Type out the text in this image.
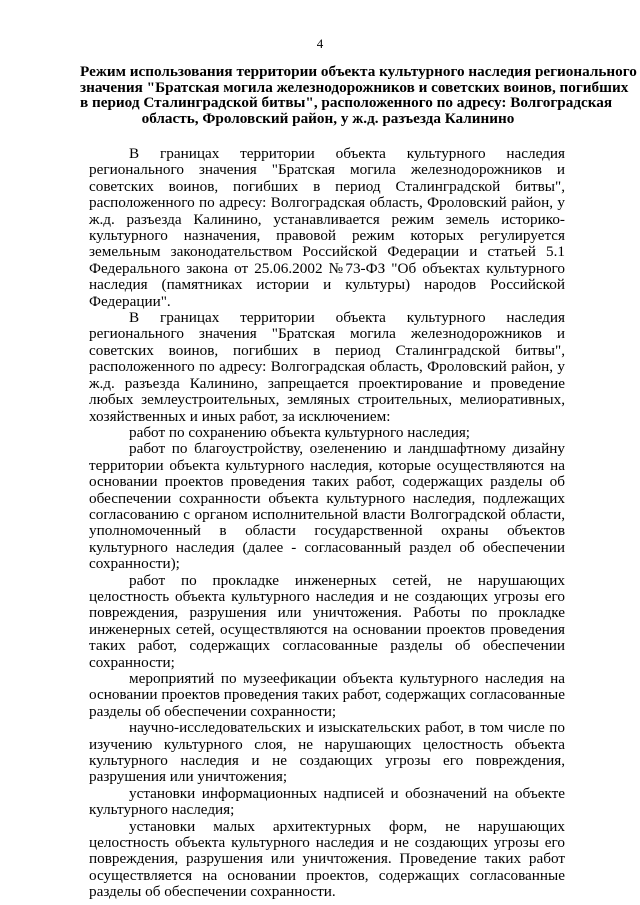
4
Режим использования территории объекта культурного наследия регионального
значения "Братская могила железнодорожников и советских воинов, погибших
в период Сталинградской битвы", расположенного по адресу: Волгоградская
область, Фроловский район, у ж.д. разъезда Калинино

В границах территории объекта культурного наследия регионального значения "Братская могила железнодорожников и советских воинов, погибших в период Сталинградской битвы", расположенного по адресу: Волгоградская область, Фроловский район, у ж.д. разъезда Калинино, устанавливается режим земель историко-культурного назначения, правовой режим которых регулируется земельным законодательством Российской Федерации и статьей 5.1 Федерального закона от 25.06.2002 №73-ФЗ "Об объектах культурного наследия (памятниках истории и культуры) народов Российской Федерации".

В границах территории объекта культурного наследия регионального значения "Братская могила железнодорожников и советских воинов, погибших в период Сталинградской битвы", расположенного по адресу: Волгоградская область, Фроловский район, у ж.д. разъезда Калинино, запрещается проектирование и проведение любых землеустроительных, земляных строительных, мелиоративных, хозяйственных и иных работ, за исключением:

работ по сохранению объекта культурного наследия;

работ по благоустройству, озеленению и ландшафтному дизайну территории объекта культурного наследия, которые осуществляются на основании проектов проведения таких работ, содержащих разделы об обеспечении сохранности объекта культурного наследия, подлежащих согласованию с органом исполнительной власти Волгоградской области, уполномоченный в области государственной охраны объектов культурного наследия (далее - согласованный раздел об обеспечении сохранности);

работ по прокладке инженерных сетей, не нарушающих целостность объекта культурного наследия и не создающих угрозы его повреждения, разрушения или уничтожения. Работы по прокладке инженерных сетей, осуществляются на основании проектов проведения таких работ, содержащих согласованные разделы об обеспечении сохранности;

мероприятий по музеефикации объекта культурного наследия на основании проектов проведения таких работ, содержащих согласованные разделы об обеспечении сохранности;

научно-исследовательских и изыскательских работ, в том числе по изучению культурного слоя, не нарушающих целостность объекта культурного наследия и не создающих угрозы его повреждения, разрушения или уничтожения;

установки информационных надписей и обозначений на объекте культурного наследия;

установки малых архитектурных форм, не нарушающих целостность объекта культурного наследия и не создающих угрозы его повреждения, разрушения или уничтожения. Проведение таких работ осуществляется на основании проектов, содержащих согласованные разделы об обеспечении сохранности.
